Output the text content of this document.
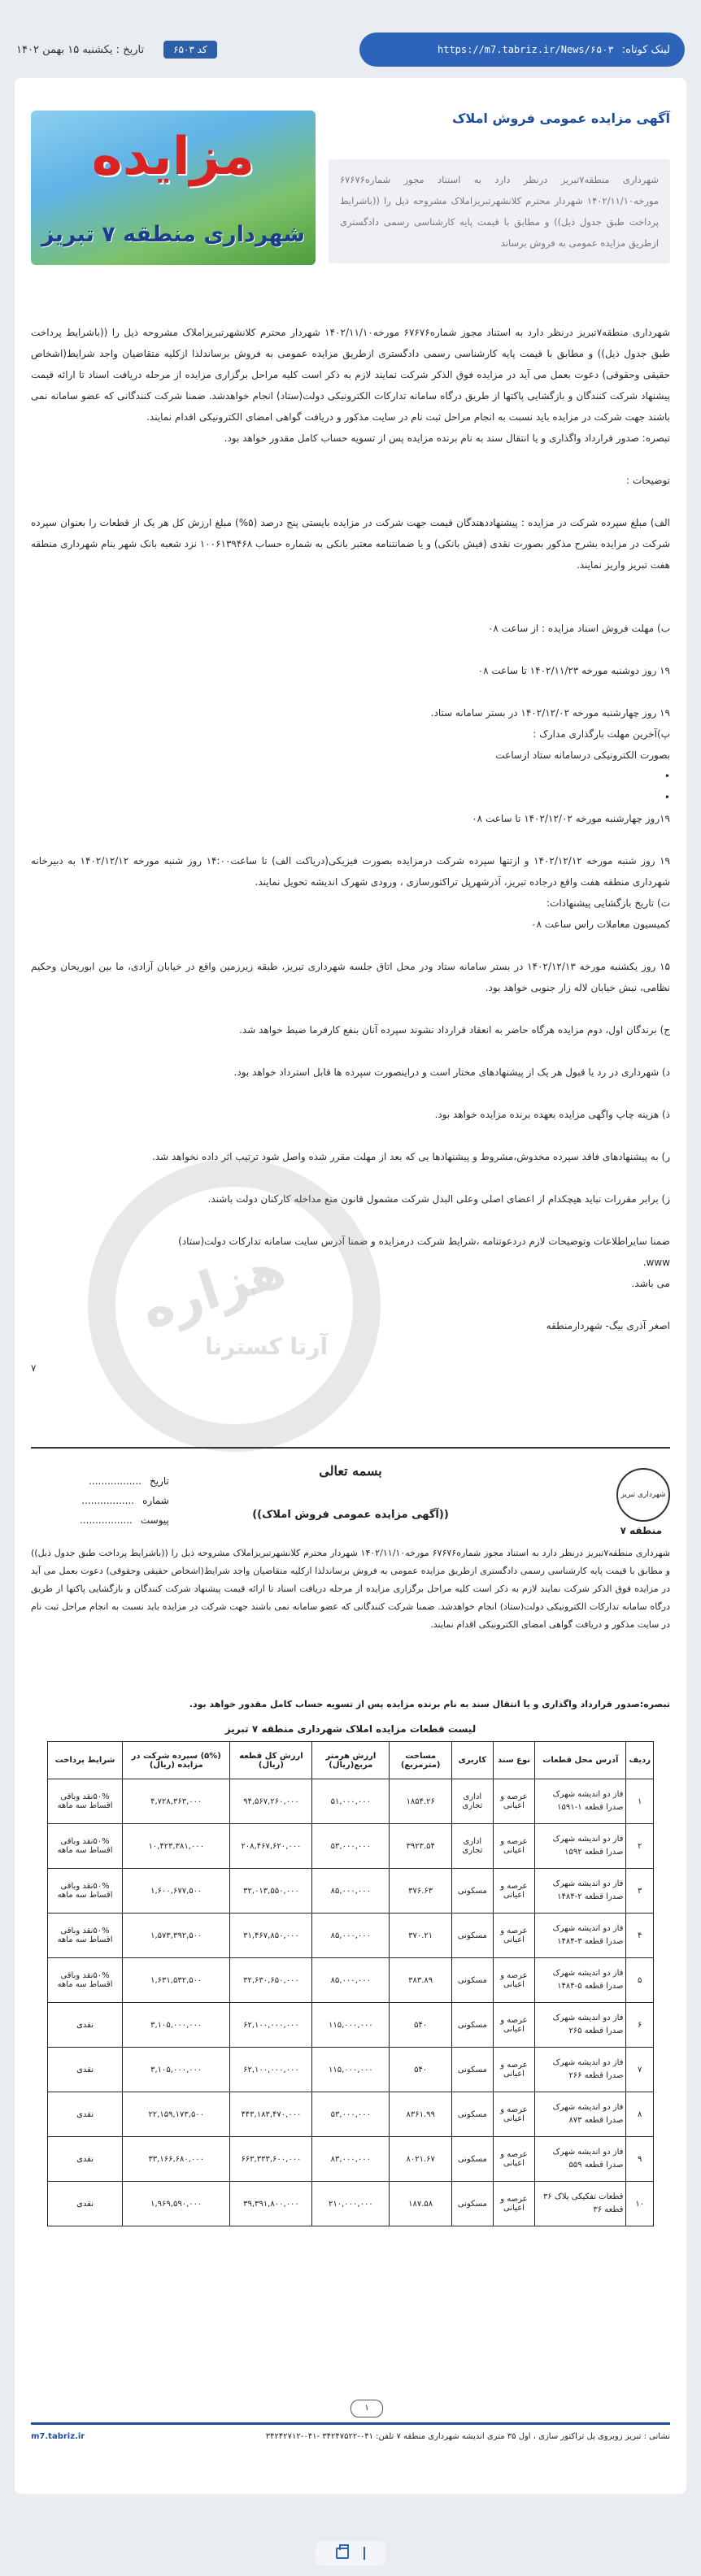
لینک کوتاه:
https://m7.tabriz.ir/News/۶۵۰۳
کد ۶۵۰۳
تاریخ : یکشنبه ۱۵ بهمن ۱۴۰۲
آگهی مزایده عمومی فروش املاک
مزایده
شهرداری منطقه ۷ تبریز
شهرداری منطقه۷تبریز درنظر دارد به استناد مجوز شماره۶۷۶۷۶ مورخه۱۴۰۲/۱۱/۱۰ شهردار محترم کلانشهرتبریزاملاک مشروحه ذیل را ((باشرایط پرداخت طبق جدول ذیل)) و مطابق با قیمت پایه کارشناسی رسمی دادگستری ازطریق مزایده عمومی به فروش برساند

شهرداری منطقه۷تبریز درنظر دارد به استناد مجوز شماره۶۷۶۷۶ مورخه۱۴۰۲/۱۱/۱۰ شهردار محترم کلانشهرتبریزاملاک مشروحه ذیل را ((باشرایط پرداخت طبق جدول ذیل)) و مطابق با قیمت پایه کارشناسی رسمی دادگستری ازطریق مزایده عمومی به فروش برساندلذا ازکلیه متقاضیان واجد شرایط(اشخاص حقیقی وحقوقی) دعوت بعمل می آید در مزایده فوق الذکر شرکت نمایند لازم به ذکر است کلیه مراحل برگزاری مزایده از مرحله دریافت اسناد تا ارائه قیمت پیشنهاد شرکت کنندگان و بازگشایی پاکتها از طریق درگاه سامانه تدارکات الکترونیکی دولت(ستاد) انجام خواهدشد. ضمنا شرکت کنندگانی که عضو سامانه نمی باشند جهت شرکت در مزایده باید نسبت به انجام مراحل ثبت نام در سایت مذکور و دریافت گواهی امضای الکترونیکی اقدام نمایند.

تبصره: صدور قرارداد واگذاری و یا انتقال سند به نام برنده مزایده پس از تسویه حساب کامل مقدور خواهد بود.

توضیحات :

الف) مبلغ سپرده شرکت در مزایده : پیشنهاددهندگان قیمت جهت شرکت در مزایده بایستی پنج درصد (۵%) مبلغ ارزش کل هر یک از قطعات را بعنوان سپرده شرکت در مزایده بشرح مذکور بصورت نقدی (فیش بانکی) و یا ضمانتنامه معتبر بانکی به شماره حساب ۱۰۰۶۱۳۹۴۶۸ نزد شعبه بانک شهر بنام شهرداری منطقه هفت تبریز واریز نمایند.

ب) مهلت فروش اسناد مزایده : از ساعت ۰۸

۱۹ روز دوشنبه مورخه ۱۴۰۲/۱۱/۲۳ تا ساعت ۰۸

۱۹ روز چهارشنبه مورخه ۱۴۰۲/۱۲/۰۲ در بستر سامانه ستاد.

پ)آخرین مهلت بارگذاری مدارک :

بصورت الکترونیکی درسامانه ستاد ازساعت

•

•

۱۹روز چهارشنبه مورخه ۱۴۰۲/۱۲/۰۲ تا ساعت ۰۸

۱۹ روز شنبه مورخه ۱۴۰۲/۱۲/۱۲ و ازتنها سپرده شرکت درمزایده بصورت فیزیکی(دریاکت الف) تا ساعت۱۴:۰۰ روز شنبه مورخه ۱۴۰۲/۱۲/۱۲ به دبیرخانه شهرداری منطقه هفت واقع درجاده تبریز، آذرشهرپل تراکتورسازی ، ورودی شهرک اندیشه تحویل نمایند.

ت) تاریخ بازگشایی پیشنهادات:

کمیسیون معاملات راس ساعت ۰۸

۱۵ روز یکشنبه مورخه ۱۴۰۲/۱۲/۱۳ در بستر سامانه ستاد ودر محل اتاق جلسه شهرداری تبریز، طبقه زیرزمین واقع در خیابان آزادی، ما بین ابوریحان وحکیم نظامی، نبش خیابان لاله زار جنوبی خواهد بود.

ج) برندگان اول، دوم مزایده هرگاه حاضر به انعقاد قرارداد نشوند سپرده آنان بنفع کارفرما ضبط خواهد شد.

د) شهرداری در رد یا قبول هر یک از پیشنهادهای مختار است و دراینصورت سپرده ها قابل استرداد خواهد بود.

ذ) هزینه چاپ واگهی مزایده بعهده برنده مزایده خواهد بود.

ر) به پیشنهادهای فاقد سپرده مخدوش،مشروط و پیشنهادها یی که بعد از مهلت مقرر شده واصل شود ترتیب اثر داده نخواهد شد.

ز) برابر مقررات نباید هیچکدام از اعضای اصلی وعلی البدل شرکت مشمول قانون منع مداخله کارکنان دولت باشند.

ضمنا سایراطلاعات وتوضیحات لازم دردعوتنامه ،شرایط شرکت درمزایده و ضمنا آدرس سایت سامانه تدارکات دولت(ستاد)

www.

می باشد.

اصغر آذری بیگ- شهردارمنطقه

۷

هزاره
آرتا کسترنا
شهرداری تبریز
منطقه ۷
بسمه تعالی
تاریخ
.................
شماره
.................
پیوست
.................	((آگهی مزایده عمومی فروش املاک))
شهرداری منطقه۷تبریز درنظر دارد به استناد مجوز شماره۶۷۶۷۶ مورخه۱۴۰۲/۱۱/۱۰ شهردار محترم کلانشهرتبریزاملاک مشروحه ذیل را ((باشرایط پرداخت طبق جدول ذیل)) و مطابق با قیمت پایه کارشناسی رسمی دادگستری ازطریق مزایده عمومی به فروش برساندلذا ازکلیه متقاضیان واجد شرایط(اشخاص حقیقی وحقوقی) دعوت بعمل می آید در مزایده فوق الذکر شرکت نمایند لازم به ذکر است کلیه مراحل برگزاری مزایده از مرحله دریافت اسناد تا ارائه قیمت پیشنهاد شرکت کنندگان و بازگشایی پاکتها از طریق درگاه سامانه تدارکات الکترونیکی دولت(ستاد) انجام خواهدشد. ضمنا شرکت کنندگانی که عضو سامانه نمی باشند جهت شرکت در مزایده باید نسبت به انجام مراحل ثبت نام در سایت مذکور و دریافت گواهی امضای الکترونیکی اقدام نمایند.
تبصره:صدور قرارداد واگذاری و یا انتقال سند به نام برنده مزایده پس از تسویه حساب کامل مقدور خواهد بود.
لیست قطعات مزایده املاک شهرداری منطقه ۷ تبریز
ردیف	آدرس محل قطعات	نوع سند	کاربری	مساحت (مترمربع)	ارزش هرمتر مربع(ریال)	ارزش کل قطعه (ریال)	(۵%) سپرده شرکت در مزایده (ریال)	شرایط پرداخت
۱	فاز دو اندیشه شهرک صدرا قطعه ۱-۱۵۹۱	عرصه و اعیانی	اداری تجاری	۱۸۵۴.۲۶	۵۱,۰۰۰,۰۰۰	۹۴,۵۶۷,۲۶۰,۰۰۰	۴,۷۲۸,۳۶۳,۰۰۰	۵۰%نقد وباقی اقساط سه ماهه
۲	فاز دو اندیشه شهرک صدرا قطعه ۱۵۹۲	عرصه و اعیانی	اداری تجاری	۳۹۲۳.۵۴	۵۳,۰۰۰,۰۰۰	۲۰۸,۴۶۷,۶۲۰,۰۰۰	۱۰,۴۲۳,۳۸۱,۰۰۰	۵۰%نقد وباقی اقساط سه ماهه
۳	فاز دو اندیشه شهرک صدرا قطعه ۲-۱۴۸۴	عرصه و اعیانی	مسکونی	۳۷۶.۶۳	۸۵,۰۰۰,۰۰۰	۳۲,۰۱۳,۵۵۰,۰۰۰	۱,۶۰۰,۶۷۷,۵۰۰	۵۰%نقد وباقی اقساط سه ماهه
۴	فاز دو اندیشه شهرک صدرا قطعه ۳-۱۴۸۴	عرصه و اعیانی	مسکونی	۳۷۰.۲۱	۸۵,۰۰۰,۰۰۰	۳۱,۴۶۷,۸۵۰,۰۰۰	۱,۵۷۳,۳۹۲,۵۰۰	۵۰%نقد وباقی اقساط سه ماهه
۵	فاز دو اندیشه شهرک صدرا قطعه ۵-۱۴۸۴	عرصه و اعیانی	مسکونی	۳۸۳.۸۹	۸۵,۰۰۰,۰۰۰	۳۲,۶۳۰,۶۵۰,۰۰۰	۱,۶۳۱,۵۳۲,۵۰۰	۵۰%نقد وباقی اقساط سه ماهه
۶	فاز دو اندیشه شهرک صدرا قطعه ۲۶۵	عرصه و اعیانی	مسکونی	۵۴۰	۱۱۵,۰۰۰,۰۰۰	۶۲,۱۰۰,۰۰۰,۰۰۰	۳,۱۰۵,۰۰۰,۰۰۰	نقدی
۷	فاز دو اندیشه شهرک صدرا قطعه ۲۶۶	عرصه و اعیانی	مسکونی	۵۴۰	۱۱۵,۰۰۰,۰۰۰	۶۲,۱۰۰,۰۰۰,۰۰۰	۳,۱۰۵,۰۰۰,۰۰۰	نقدی
۸	فاز دو اندیشه شهرک صدرا قطعه ۸۷۳	عرصه و اعیانی	مسکونی	۸۳۶۱.۹۹	۵۳,۰۰۰,۰۰۰	۴۴۳,۱۸۳,۴۷۰,۰۰۰	۲۲,۱۵۹,۱۷۳,۵۰۰	نقدی
۹	فاز دو اندیشه شهرک صدرا قطعه ۵۵۹	عرصه و اعیانی	مسکونی	۸۰۲۱.۶۷	۸۳,۰۰۰,۰۰۰	۶۶۳,۳۳۳,۶۰۰,۰۰۰	۳۳,۱۶۶,۶۸۰,۰۰۰	نقدی
۱۰	قطعات تفکیکی پلاک ۳۶ قطعه ۳۶	عرصه و اعیانی	مسکونی	۱۸۷.۵۸	۲۱۰,۰۰۰,۰۰۰	۳۹,۳۹۱,۸۰۰,۰۰۰	۱,۹۶۹,۵۹۰,۰۰۰	نقدی
۱
نشانی : تبریز زوبروی پل تراکتور سازی ، اول ۳۵ متری اندیشه شهرداری منطقه ۷ تلفن: ۰۴۱-۳۴۲۴۷۵۲۲ -۰۴۱-۳۴۲۴۲۷۱۲
m7.tabriz.ir
